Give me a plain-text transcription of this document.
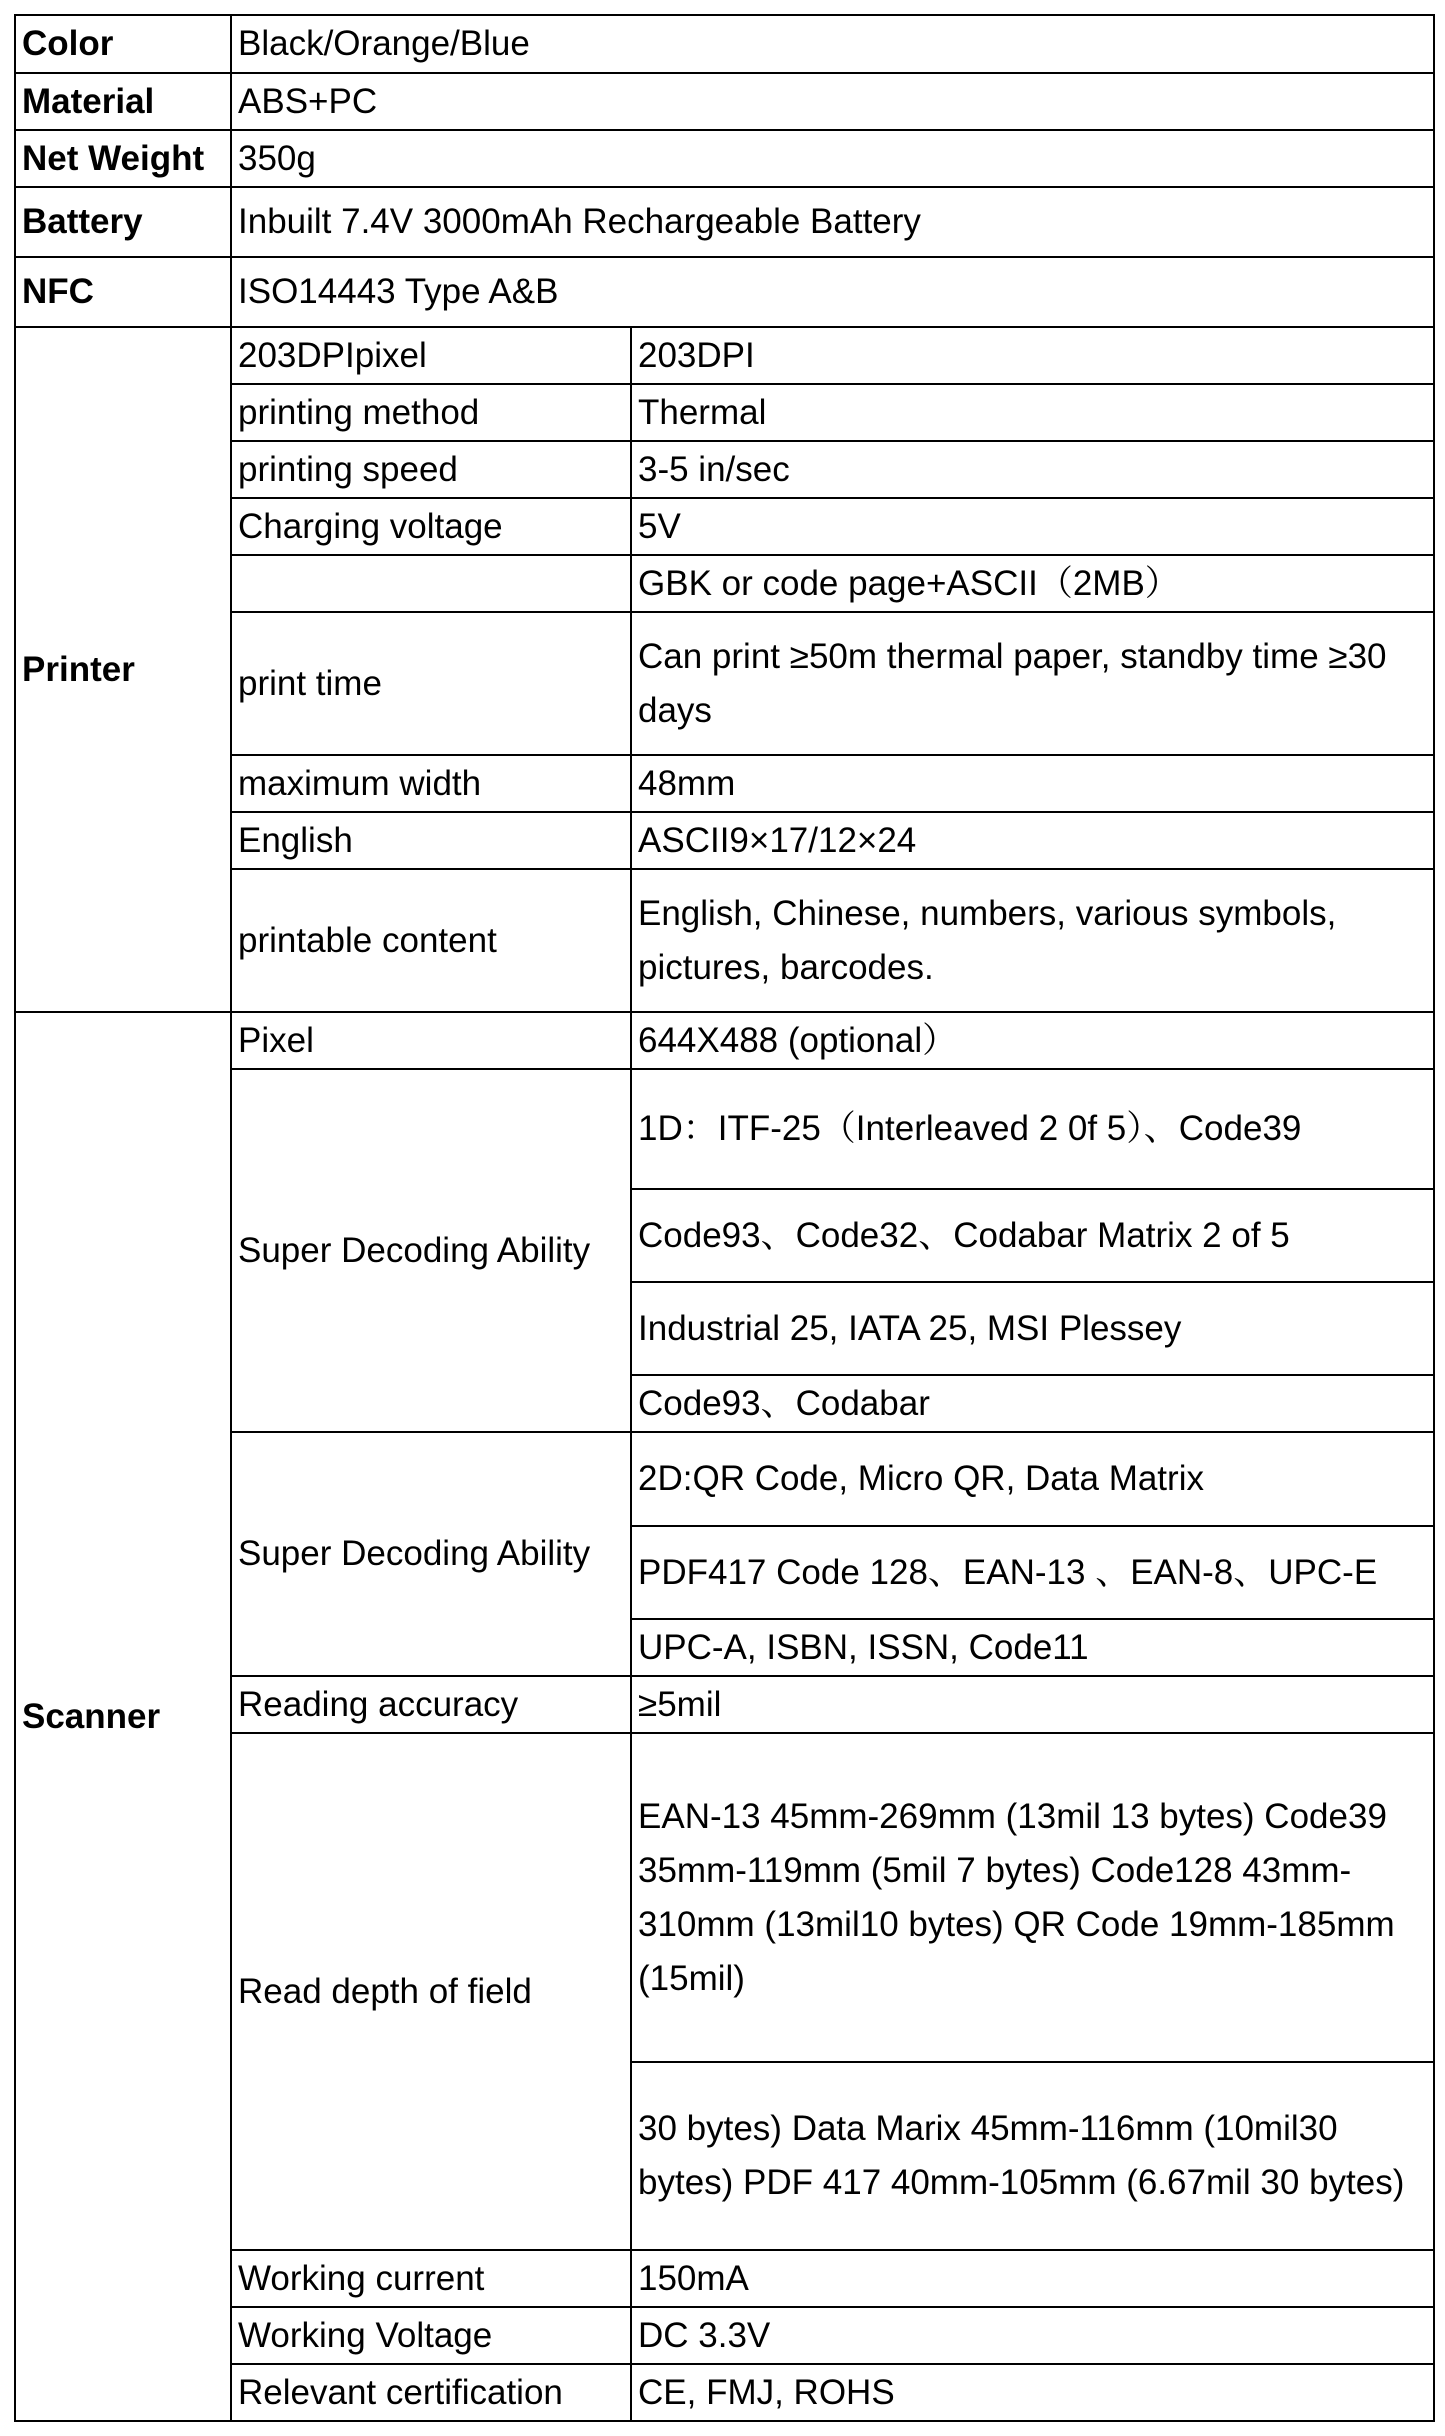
Color	Black/Orange/Blue	
Material	ABS+PC	
Net Weight	350g	
Battery	Inbuilt 7.4V 3000mAh Rechargeable Battery	
NFC	ISO14443 Type A&B	
Printer	203DPIpixel	203DPI
	printing method	Thermal
	printing speed	3-5 in/sec
	Charging voltage	5V
		GBK or code page+ASCII（2MB）
	print time	Can print ≥50m thermal paper, standby time ≥30 days
	maximum width	48mm
	English	ASCII9×17/12×24
	printable content	English, Chinese, numbers, various symbols, pictures, barcodes.
Scanner	Pixel	644X488 (optional）
	Super Decoding Ability	1D：ITF-25（Interleaved 2 0f 5）、Code39
		Code93、Code32、Codabar Matrix 2 of 5
		Industrial 25, IATA 25, MSI Plessey
		Code93、Codabar
	Super Decoding Ability	2D:QR Code, Micro QR, Data Matrix
		PDF417 Code 128、EAN-13 、EAN-8、UPC-E
		UPC-A, ISBN, ISSN, Code11
	Reading accuracy	≥5mil
	Read depth of field	EAN-13 45mm-269mm (13mil 13 bytes) Code39 35mm-119mm (5mil 7 bytes) Code128 43mm-310mm (13mil10 bytes) QR Code 19mm-185mm (15mil)
		30 bytes) Data Marix 45mm-116mm (10mil30 bytes) PDF 417 40mm-105mm (6.67mil 30 bytes)
	Working current	150mA
	Working Voltage	DC 3.3V
	Relevant certification	CE, FMJ, ROHS
